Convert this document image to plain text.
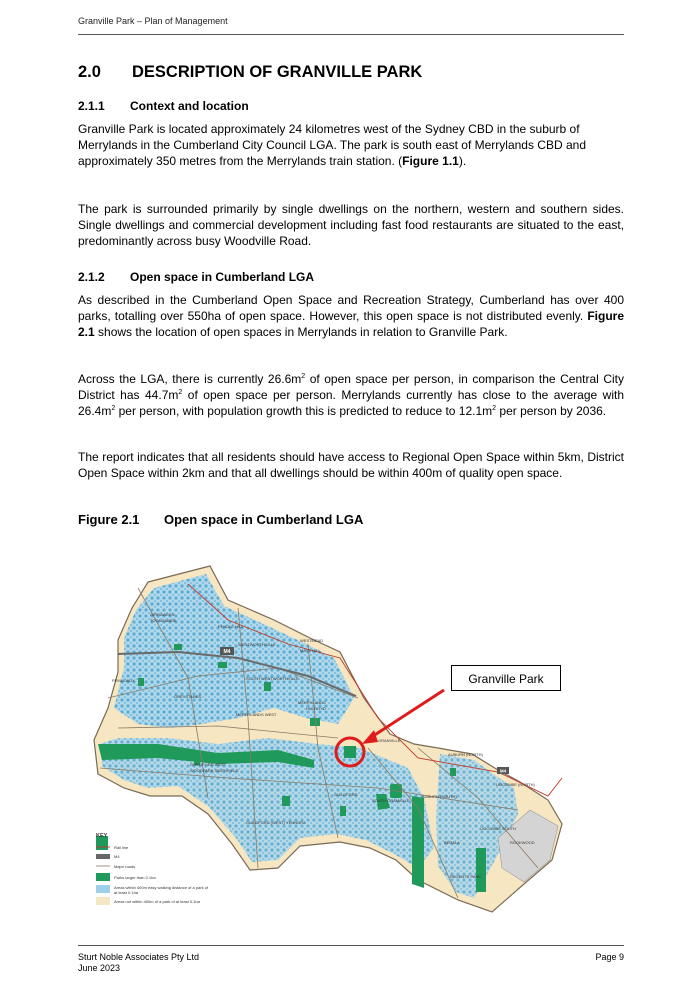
Granville Park – Plan of Management
2.0 DESCRIPTION OF GRANVILLE PARK
2.1.1 Context and location

Granville Park is located approximately 24 kilometres west of the Sydney CBD in the suburb of Merrylands in the Cumberland City Council LGA. The park is south east of Merrylands CBD and approximately 350 metres from the Merrylands train station. (Figure 1.1).

The park is surrounded primarily by single dwellings on the northern, western and southern sides. Single dwellings and commercial development including fast food restaurants are situated to the east, predominantly across busy Woodville Road.

2.1.2 Open space in Cumberland LGA

As described in the Cumberland Open Space and Recreation Strategy, Cumberland has over 400 parks, totalling over 550ha of open space. However, this open space is not distributed evenly. Figure 2.1 shows the location of open spaces in Merrylands in relation to Granville Park.

Across the LGA, there is currently $26.6m^2$ of open space per person, in comparison the Central City District has $44.7m^2$ of open space per person. Merrylands currently has close to the average with $26.4m^2$ per person, with population growth this is predicted to reduce to $12.1m^2$ per person by 2036.

The report indicates that all residents should have access to Regional Open Space within 5km, District Open Space within 2km and that all dwellings should be within 400m of quality open space.

Figure 2.1 Open space in Cumberland LGA
M4
M4
GIRRAWEEN
TOONGABBIE
PENDLE HILL
WENTWORTHVILLE
WESTMEAD
MAYS HILL
SOUTH WENTWORTHVILLE
PEMULWUY
GREYSTANES
MERRYLANDS
HOLROYD
MERRYLANDS WEST
GRANVILLE
GUILDFORD WEST
WOODPARK SMITHFIELD
GUILDFORD
SOUTH GRANVILLE
AUBURN (NORTH)
LIDCOMBE (NORTH)
GUILDFORD (WEST) YENNORA
AUBURN (SOUTH)
LIDCOMBE SOUTH
ROOKWOOD
BERALA
REGENTS PARK
KEY
Rail line
M4
Major roads
Parks larger than 0.1ha
Areas within 400m easy walking distance of a park of
at least 0.1ha
Areas not within 400m of a park of at least 0.1ha
Granville Park
Sturt Noble Associates Pty Ltd
June 2023
Page 9
